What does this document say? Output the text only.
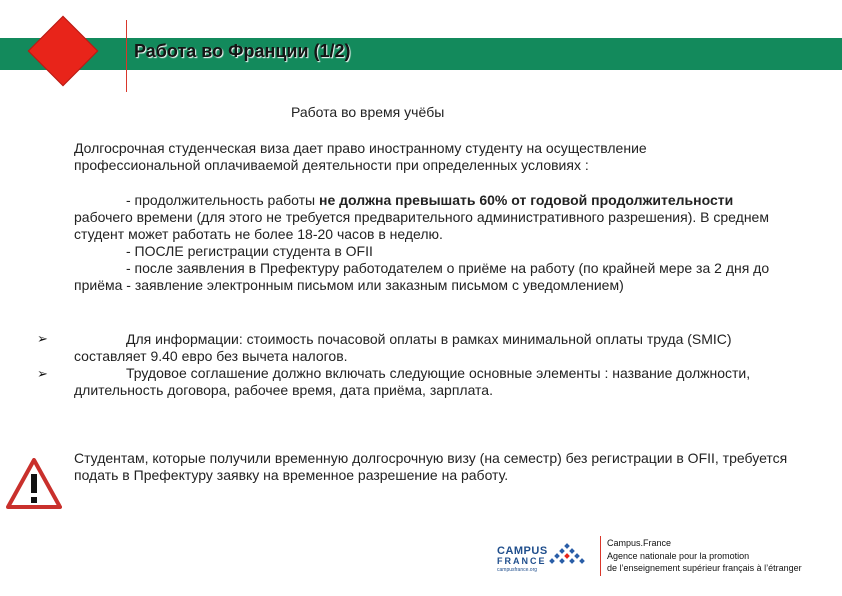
Работа во Франции (1/2)
Работа во время учёбы
Долгосрочная студенческая виза дает право иностранному студенту на осуществление профессиональной оплачиваемой деятельности при определенных условиях :
- продолжительность работы не должна превышать 60% от годовой продолжительности рабочего времени (для этого не требуется предварительного административного разрешения). В среднем студент может работать не более 18-20 часов в неделю.
- ПОСЛЕ регистрации студента в OFII
- после заявления в Префектуру работодателем о приёме на работу (по крайней мере за 2 дня до приёма - заявление электронным письмом или заказным письмом с уведомлением)
➢
➢
Для информации: стоимость почасовой оплаты в рамках минимальной оплаты труда (SMIC) составляет 9.40 евро без вычета налогов.
Трудовое соглашение должно включать следующие основные элементы : название должности, длительность договора, рабочее время, дата приёма, зарплата.
Студентам, которые получили временную долгосрочную визу (на семестр) без регистрации в OFII, требуется подать в Префектуру заявку на временное разрешение на работу.
CAMPUS
FRANCE
campusfrance.org
Campus.France
Agence nationale pour la promotion
de l’enseignement supérieur français à l’étranger
